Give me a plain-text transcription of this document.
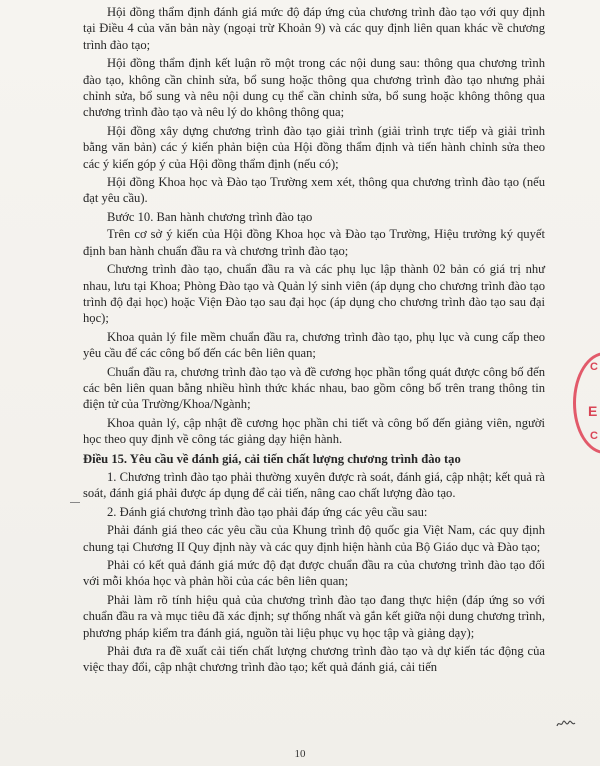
Hội đồng thẩm định đánh giá mức độ đáp ứng của chương trình đào tạo với quy định tại Điều 4 của văn bản này (ngoại trừ Khoản 9) và các quy định liên quan khác về chương trình đào tạo;

Hội đồng thẩm định kết luận rõ một trong các nội dung sau: thông qua chương trình đào tạo, không cần chỉnh sửa, bổ sung hoặc thông qua chương trình đào tạo nhưng phải chỉnh sửa, bổ sung và nêu nội dung cụ thể cần chỉnh sửa, bổ sung hoặc không thông qua chương trình đào tạo và nêu lý do không thông qua;

Hội đồng xây dựng chương trình đào tạo giải trình (giải trình trực tiếp và giải trình bằng văn bản) các ý kiến phản biện của Hội đồng thẩm định và tiến hành chỉnh sửa theo các ý kiến góp ý của Hội đồng thẩm định (nếu có);

Hội đồng Khoa học và Đào tạo Trường xem xét, thông qua chương trình đào tạo (nếu đạt yêu cầu).

Bước 10. Ban hành chương trình đào tạo

Trên cơ sở ý kiến của Hội đồng Khoa học và Đào tạo Trường, Hiệu trưởng ký quyết định ban hành chuẩn đầu ra và chương trình đào tạo;

Chương trình đào tạo, chuẩn đầu ra và các phụ lục lập thành 02 bản có giá trị như nhau, lưu tại Khoa; Phòng Đào tạo và Quản lý sinh viên (áp dụng cho chương trình đào tạo trình độ đại học) hoặc Viện Đào tạo sau đại học (áp dụng cho chương trình đào tạo sau đại học);

Khoa quản lý file mềm chuẩn đầu ra, chương trình đào tạo, phụ lục và cung cấp theo yêu cầu để các công bố đến các bên liên quan;

Chuẩn đầu ra, chương trình đào tạo và đề cương học phần tổng quát được công bố đến các bên liên quan bằng nhiều hình thức khác nhau, bao gồm công bố trên trang thông tin điện tử của Trường/Khoa/Ngành;

Khoa quản lý, cập nhật đề cương học phần chi tiết và công bố đến giảng viên, người học theo quy định về công tác giảng dạy hiện hành.

Điều 15. Yêu cầu về đánh giá, cải tiến chất lượng chương trình đào tạo

1. Chương trình đào tạo phải thường xuyên được rà soát, đánh giá, cập nhật; kết quả rà soát, đánh giá phải được áp dụng để cải tiến, nâng cao chất lượng đào tạo.

2. Đánh giá chương trình đào tạo phải đáp ứng các yêu cầu sau:

Phải đánh giá theo các yêu cầu của Khung trình độ quốc gia Việt Nam, các quy định chung tại Chương II Quy định này và các quy định hiện hành của Bộ Giáo dục và Đào tạo;

Phải có kết quả đánh giá mức độ đạt được chuẩn đầu ra của chương trình đào tạo đối với mỗi khóa học và phản hồi của các bên liên quan;

Phải làm rõ tính hiệu quả của chương trình đào tạo đang thực hiện (đáp ứng so với chuẩn đầu ra và mục tiêu đã xác định; sự thống nhất và gắn kết giữa nội dung chương trình, phương pháp kiểm tra đánh giá, nguồn tài liệu phục vụ học tập và giảng dạy);

Phải đưa ra đề xuất cải tiến chất lượng chương trình đào tạo và dự kiến tác động của việc thay đổi, cập nhật chương trình đào tạo; kết quả đánh giá, cải tiến

C
E
C
10
